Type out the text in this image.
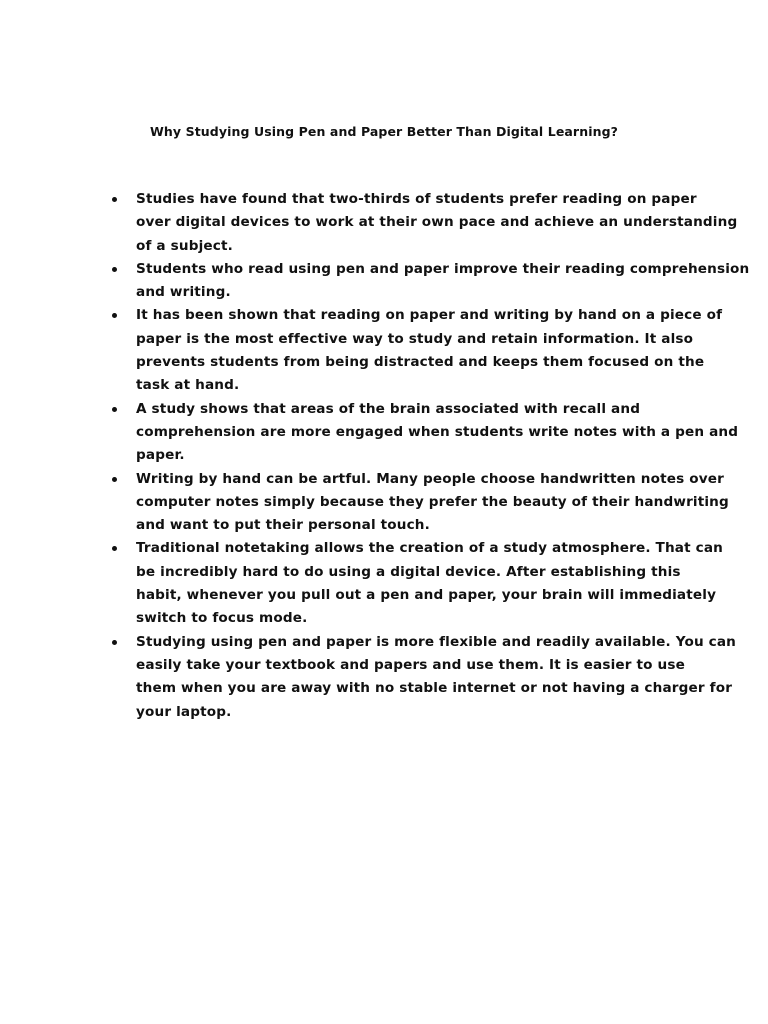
Why Studying Using Pen and Paper Better Than Digital Learning?
Studies have found that two-thirds of students prefer reading on paper
over digital devices to work at their own pace and achieve an understanding
of a subject.
Students who read using pen and paper improve their reading comprehension
and writing.
It has been shown that reading on paper and writing by hand on a piece of
paper is the most effective way to study and retain information. It also
prevents students from being distracted and keeps them focused on the
task at hand.
A study shows that areas of the brain associated with recall and
comprehension are more engaged when students write notes with a pen and
paper.
Writing by hand can be artful. Many people choose handwritten notes over
computer notes simply because they prefer the beauty of their handwriting
and want to put their personal touch.
Traditional notetaking allows the creation of a study atmosphere. That can
be incredibly hard to do using a digital device. After establishing this
habit, whenever you pull out a pen and paper, your brain will immediately
switch to focus mode.
Studying using pen and paper is more flexible and readily available. You can
easily take your textbook and papers and use them. It is easier to use
them when you are away with no stable internet or not having a charger for
your laptop.
